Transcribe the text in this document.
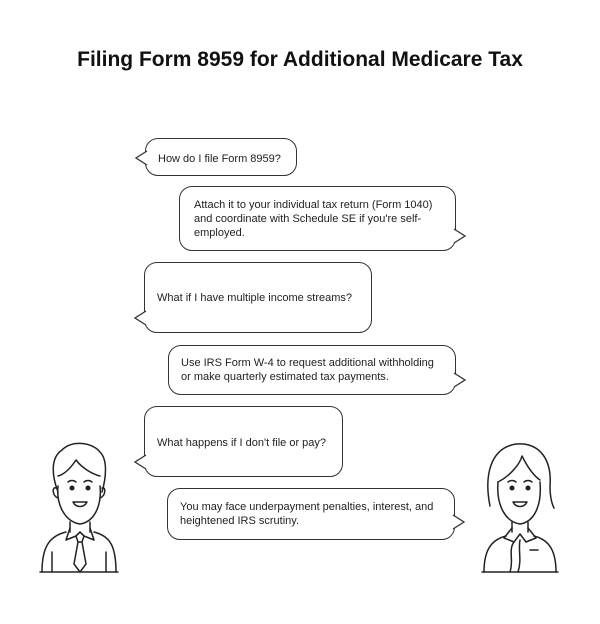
Filing Form 8959 for Additional Medicare Tax
How do I file Form 8959?
Attach it to your individual tax return (Form 1040) and coordinate with Schedule SE if you're self-employed.
What if I have multiple income streams?
Use IRS Form W-4 to request additional withholding or make quarterly estimated tax payments.
What happens if I don't file or pay?
You may face underpayment penalties, interest, and heightened IRS scrutiny.
